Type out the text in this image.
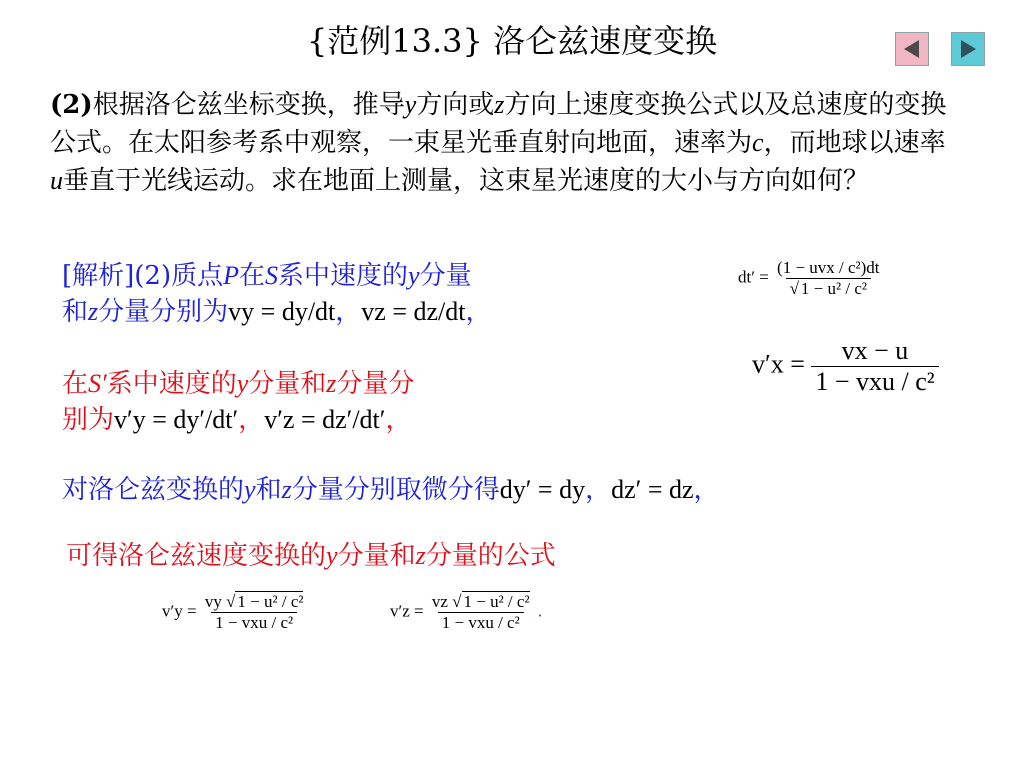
{范例13.3} 洛仑兹速度变换
(2)根据洛仑兹坐标变换，推导y方向或z方向上速度变换公式以及总速度的变换公式。在太阳参考系中观察，一束星光垂直射向地面，速率为c，而地球以速率u垂直于光线运动。求在地面上测量，这束星光速度的大小与方向如何？
[解析](2)质点P在S系中速度的y分量
和z分量分别为vy = dy/dt，vz = dz/dt，
在S′系中速度的y分量和z分量分
别为v′y = dy′/dt′，v′z = dz′/dt′，
对洛仑兹变换的y和z分量分别取微分得dy′ = dy，dz′ = dz，
可得洛仑兹速度变换的y分量和z分量的公式
$dt' = \frac{\text{(1 − uvx / c²)dt}}{\text{√ 1 − u² / c²}}$
$v'x = \frac{vx - u}{\text{1 − vxu / c²}}$
$v'y = \frac{\text{vy √ 1 − u² / c²}}{\text{1 − vxu / c²}}$	$v'z = \frac{\text{vz √ 1 − u² / c²}}{\text{1 − vxu / c²}}$ .
